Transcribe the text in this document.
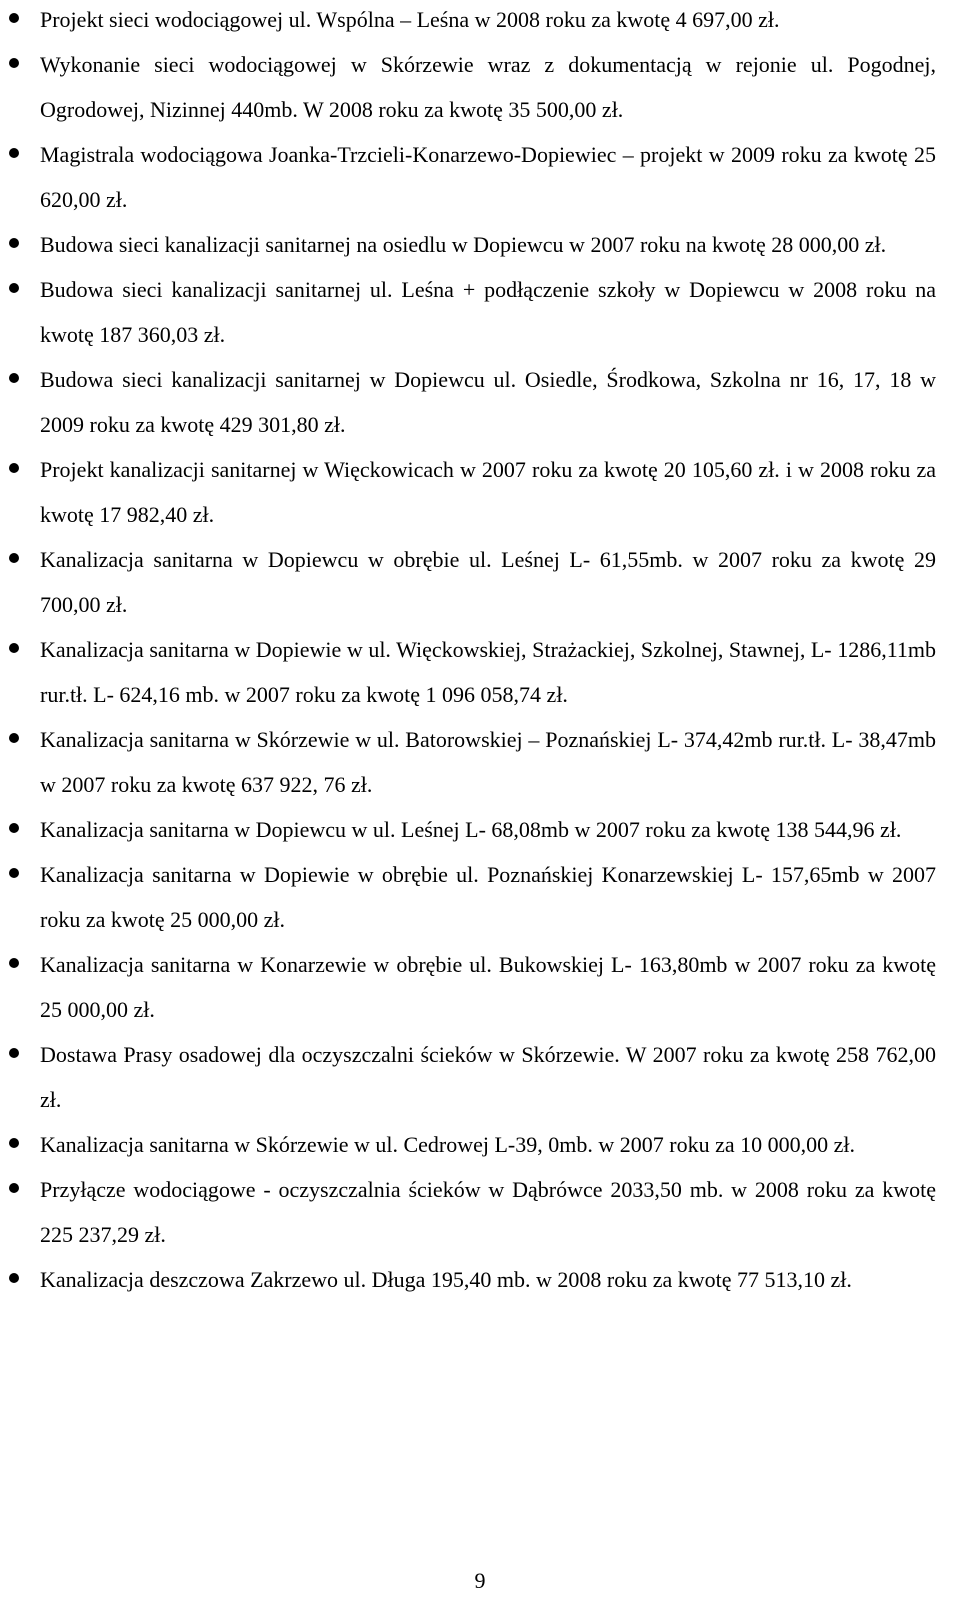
Projekt sieci wodociągowej ul. Wspólna – Leśna w 2008 roku za kwotę 4 697,00 zł.
Wykonanie sieci wodociągowej w Skórzewie wraz z dokumentacją w rejonie ul. Pogodnej, Ogrodowej, Nizinnej 440mb. W 2008 roku za kwotę 35 500,00 zł.
Magistrala wodociągowa Joanka-Trzcieli-Konarzewo-Dopiewiec – projekt w 2009 roku za kwotę 25 620,00 zł.
Budowa sieci kanalizacji sanitarnej na osiedlu w Dopiewcu w 2007 roku na kwotę 28 000,00 zł.
Budowa sieci kanalizacji sanitarnej ul. Leśna + podłączenie szkoły w Dopiewcu w 2008 roku na kwotę 187 360,03 zł.
Budowa sieci kanalizacji sanitarnej w Dopiewcu ul. Osiedle, Środkowa, Szkolna nr 16, 17, 18 w 2009 roku za kwotę 429 301,80 zł.
Projekt kanalizacji sanitarnej w Więckowicach w 2007 roku za kwotę 20 105,60 zł. i w 2008 roku za kwotę 17 982,40 zł.
Kanalizacja sanitarna w Dopiewcu w obrębie ul. Leśnej L- 61,55mb. w 2007 roku za kwotę 29 700,00 zł.
Kanalizacja sanitarna w Dopiewie w ul. Więckowskiej, Strażackiej, Szkolnej, Stawnej, L- 1286,11mb rur.tł. L- 624,16 mb. w 2007 roku za kwotę 1 096 058,74 zł.
Kanalizacja sanitarna w Skórzewie w ul. Batorowskiej – Poznańskiej L- 374,42mb rur.tł. L- 38,47mb w 2007 roku za kwotę 637 922, 76 zł.
Kanalizacja sanitarna w Dopiewcu w ul. Leśnej L- 68,08mb w 2007 roku za kwotę 138 544,96 zł.
Kanalizacja sanitarna w Dopiewie w obrębie ul. Poznańskiej Konarzewskiej L- 157,65mb w 2007 roku za kwotę 25 000,00 zł.
Kanalizacja sanitarna w Konarzewie w obrębie ul. Bukowskiej L- 163,80mb w 2007 roku za kwotę 25 000,00 zł.
Dostawa Prasy osadowej dla oczyszczalni ścieków w Skórzewie. W 2007 roku za kwotę 258 762,00 zł.
Kanalizacja sanitarna w Skórzewie w ul. Cedrowej L-39, 0mb. w 2007 roku za 10 000,00 zł.
Przyłącze wodociągowe - oczyszczalnia ścieków w Dąbrówce 2033,50 mb. w 2008 roku za kwotę 225 237,29 zł.
Kanalizacja deszczowa Zakrzewo ul. Długa 195,40 mb. w 2008 roku za kwotę 77 513,10 zł.
9
